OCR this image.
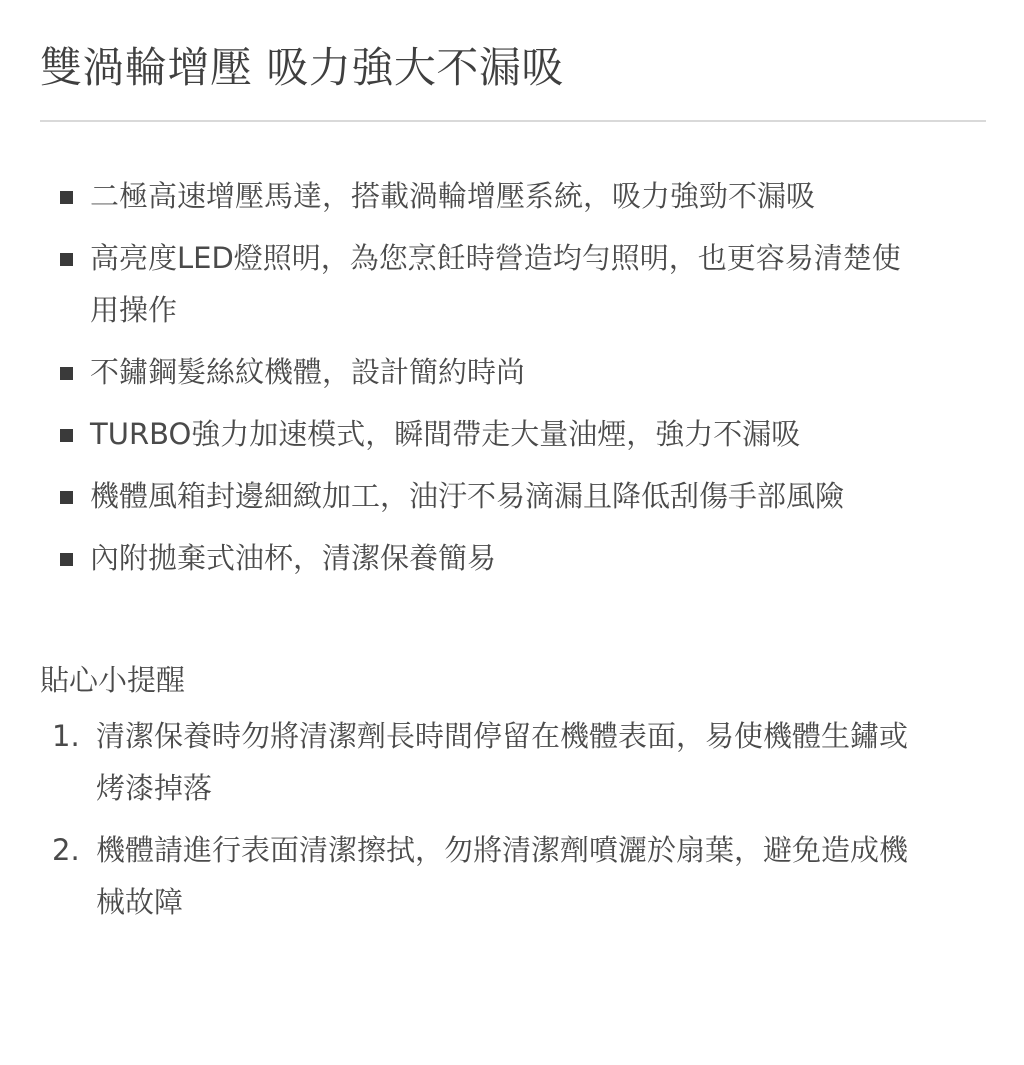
雙渦輪增壓 吸力強大不漏吸
二極高速增壓馬達，搭載渦輪增壓系統，吸力強勁不漏吸
高亮度LED燈照明，為您烹飪時營造均勻照明，也更容易清楚使用操作
不鏽鋼髮絲紋機體，設計簡約時尚
TURBO強力加速模式，瞬間帶走大量油煙，強力不漏吸
機體風箱封邊細緻加工，油汙不易滴漏且降低刮傷手部風險
內附拋棄式油杯，清潔保養簡易
貼心小提醒
1. 清潔保養時勿將清潔劑長時間停留在機體表面，易使機體生鏽或烤漆掉落
2. 機體請進行表面清潔擦拭，勿將清潔劑噴灑於扇葉，避免造成機械故障
